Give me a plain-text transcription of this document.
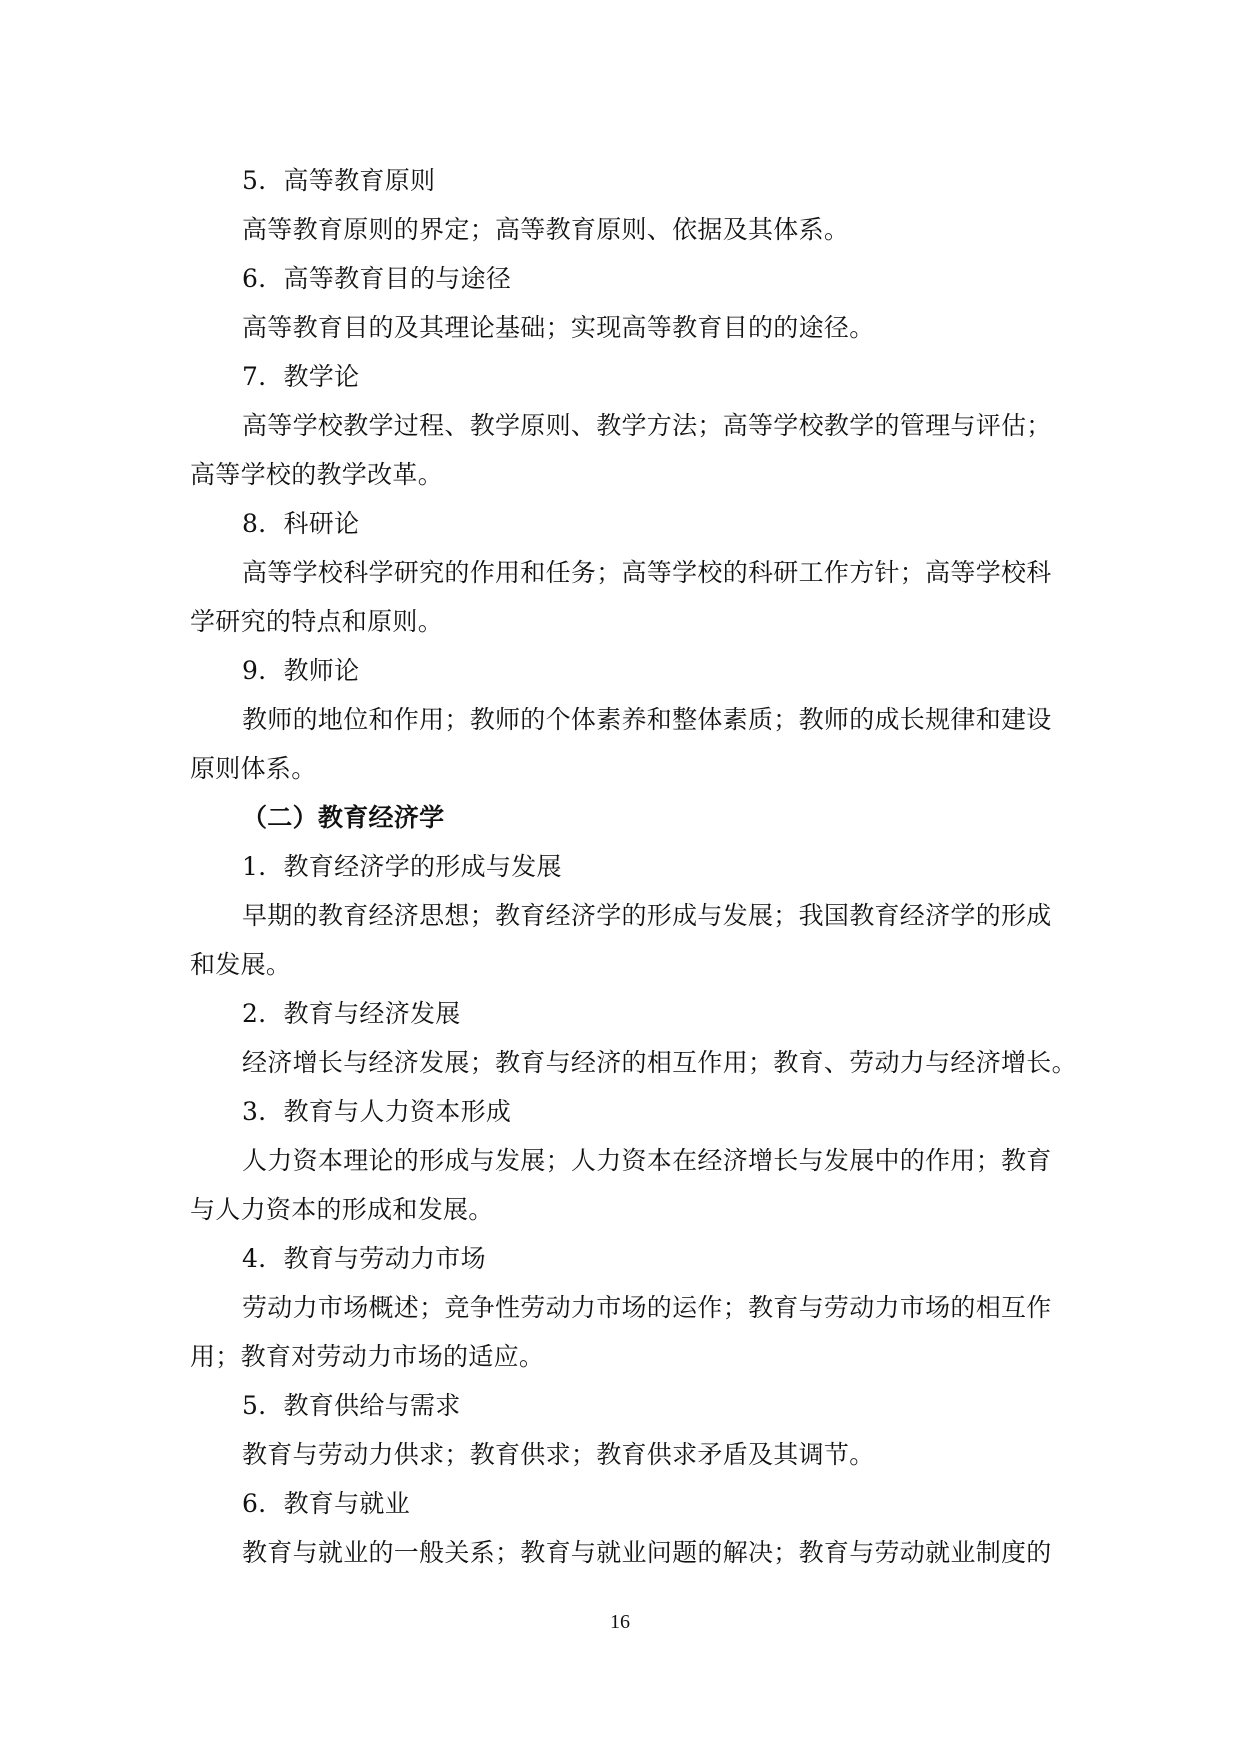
5．高等教育原则
高等教育原则的界定；高等教育原则、依据及其体系。
6．高等教育目的与途径
高等教育目的及其理论基础；实现高等教育目的的途径。
7．教学论
高等学校教学过程、教学原则、教学方法；高等学校教学的管理与评估；
高等学校的教学改革。
8．科研论
高等学校科学研究的作用和任务；高等学校的科研工作方针；高等学校科
学研究的特点和原则。
9．教师论
教师的地位和作用；教师的个体素养和整体素质；教师的成长规律和建设
原则体系。
（二）教育经济学
1．教育经济学的形成与发展
早期的教育经济思想；教育经济学的形成与发展；我国教育经济学的形成
和发展。
2．教育与经济发展
经济增长与经济发展；教育与经济的相互作用；教育、劳动力与经济增长。
3．教育与人力资本形成
人力资本理论的形成与发展；人力资本在经济增长与发展中的作用；教育
与人力资本的形成和发展。
4．教育与劳动力市场
劳动力市场概述；竞争性劳动力市场的运作；教育与劳动力市场的相互作
用；教育对劳动力市场的适应。
5．教育供给与需求
教育与劳动力供求；教育供求；教育供求矛盾及其调节。
6．教育与就业
教育与就业的一般关系；教育与就业问题的解决；教育与劳动就业制度的
16
